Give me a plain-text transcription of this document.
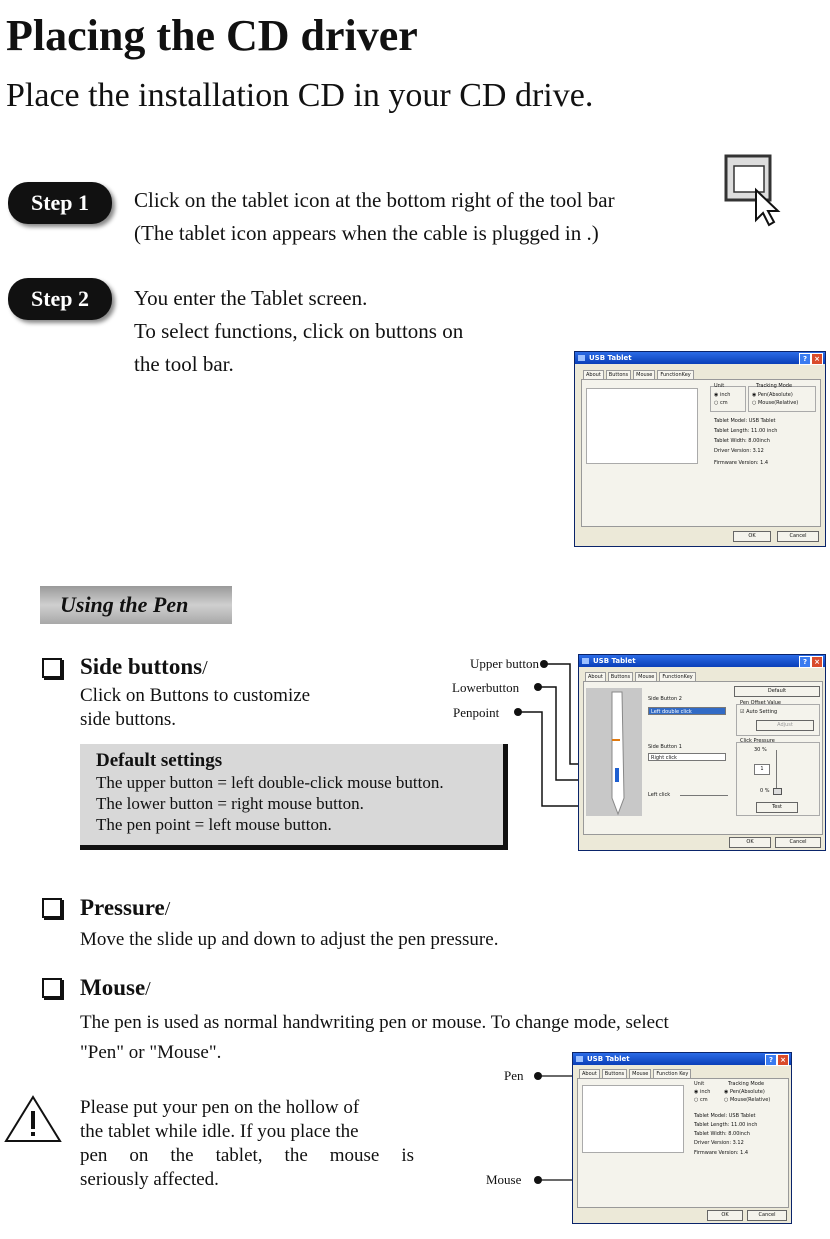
Placing the CD driver
Place the installation CD in your CD drive.
Step 1	Click on the tablet icon at the bottom right of the tool bar
(The tablet icon appears when the cable is plugged in .)
Step 2	You enter the Tablet screen.
To select functions, click on buttons on
the tool bar.	USB Tablet	?	×
About	Buttons	Mouse	FunctionKey
Unit
◉ inch
○ cm
Tracking Mode
◉ Pen(Absolute)
○ Mouse(Relative)
Tablet Model: USB Tablet
Tablet Length: 11.00 inch
Tablet Width: 8.00inch
Driver Version: 3.12
Firmware Version: 1.4
OK	Cancel
Using the Pen
Side buttons/
Click on Buttons to customize
side buttons.
Default settings
The upper button = left double-click mouse button.
The lower button = right mouse button.
The pen point = left mouse button.
Upper button
Lowerbutton
Penpoint
USB Tablet	?	×
About	Buttons	Mouse	FunctionKey
Default
Side Button 2
Left double click
Pen Offset Value
☑ Auto Setting
Adjust
Side Button 1
Right click
Click Pressure
30 %
1
0 %
Left click
Test
OK	Cancel
Pressure/
Move the slide up and down to adjust the pen pressure.
Mouse/
The pen is used as normal handwriting pen or mouse. To change mode, select
"Pen" or "Mouse".
Please put your pen on the hollow of
the tablet while idle. If you place the
pen on the tablet, the mouse is
seriously affected.
Pen
Mouse
USB Tablet	?	×
About	Buttons	Mouse	Function Key
Unit
◉ inch
○ cm
Tracking Mode
◉ Pen(Absolute)
○ Mouse(Relative)
Tablet Model: USB Tablet
Tablet Length: 11.00 inch
Tablet Width: 8.00inch
Driver Version: 3.12
Firmware Version: 1.4
OK	Cancel
